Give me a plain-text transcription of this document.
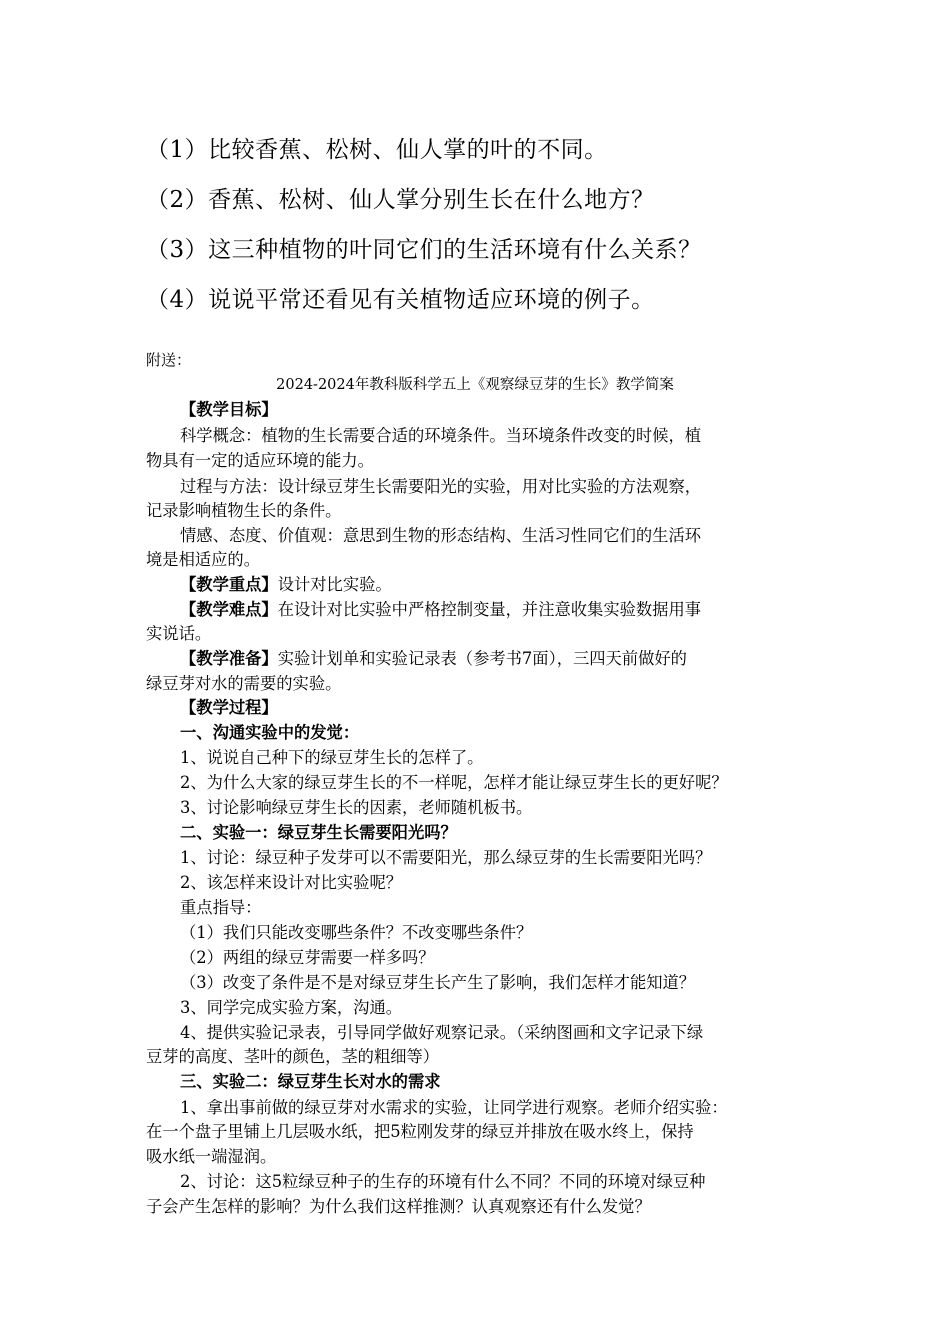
（1）比较香蕉、松树、仙人掌的叶的不同。
（2）香蕉、松树、仙人掌分别生长在什么地方？
（3）这三种植物的叶同它们的生活环境有什么关系？
（4）说说平常还看见有关植物适应环境的例子。
附送：
2024-2024年教科版科学五上《观察绿豆芽的生长》教学简案
【教学目标】
科学概念：植物的生长需要合适的环境条件。当环境条件改变的时候，植
物具有一定的适应环境的能力。
过程与方法：设计绿豆芽生长需要阳光的实验，用对比实验的方法观察，
记录影响植物生长的条件。
情感、态度、价值观：意思到生物的形态结构、生活习性同它们的生活环
境是相适应的。
【教学重点】设计对比实验。
【教学难点】在设计对比实验中严格控制变量，并注意收集实验数据用事
实说话。
【教学准备】实验计划单和实验记录表（参考书7面），三四天前做好的
绿豆芽对水的需要的实验。
【教学过程】
一、沟通实验中的发觉：
1、说说自己种下的绿豆芽生长的怎样了。
2、为什么大家的绿豆芽生长的不一样呢，怎样才能让绿豆芽生长的更好呢？
3、讨论影响绿豆芽生长的因素，老师随机板书。
二、实验一：绿豆芽生长需要阳光吗？
1、讨论：绿豆种子发芽可以不需要阳光，那么绿豆芽的生长需要阳光吗？
2、该怎样来设计对比实验呢？
重点指导：
（1）我们只能改变哪些条件？不改变哪些条件？
（2）两组的绿豆芽需要一样多吗？
（3）改变了条件是不是对绿豆芽生长产生了影响，我们怎样才能知道？
3、同学完成实验方案，沟通。
4、提供实验记录表，引导同学做好观察记录。（采纳图画和文字记录下绿
豆芽的高度、茎叶的颜色，茎的粗细等）
三、实验二：绿豆芽生长对水的需求
1、拿出事前做的绿豆芽对水需求的实验，让同学进行观察。老师介绍实验：
在一个盘子里铺上几层吸水纸，把5粒刚发芽的绿豆并排放在吸水终上，保持
吸水纸一端湿润。
2、讨论：这5粒绿豆种子的生存的环境有什么不同？不同的环境对绿豆种
子会产生怎样的影响？为什么我们这样推测？认真观察还有什么发觉？
